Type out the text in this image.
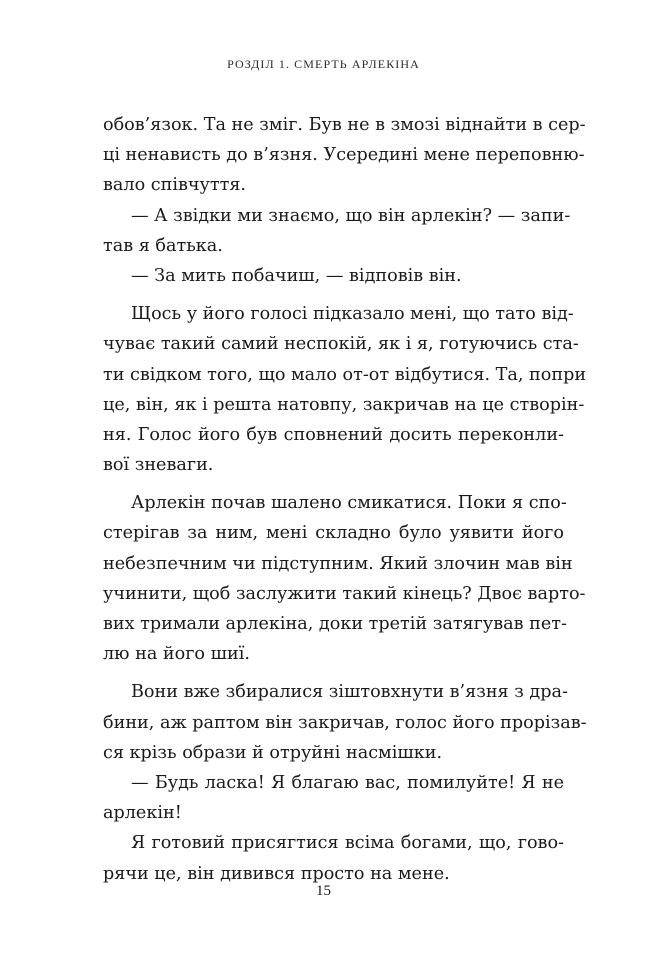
РОЗДІЛ 1. СМЕРТЬ АРЛЕКІНА
обов’язок. Та не зміг. Був не в змозі віднайти в сер-
ці ненависть до в’язня. Усередині мене переповню-
вало співчуття.
— А звідки ми знаємо, що він арлекін? — запи-
тав я батька.
— За мить побачиш, — відповів він.
Щось у його голосі підказало мені, що тато від-
чуває такий самий неспокій, як і я, готуючись ста-
ти свідком того, що мало от-от відбутися. Та, попри
це, він, як і решта натовпу, закричав на це створін-
ня. Голос його був сповнений досить переконли-
вої зневаги.
Арлекін почав шалено смикатися. Поки я спо-
стерігав за ним, мені складно було уявити його
небезпечним чи підступним. Який злочин мав він
учинити, щоб заслужити такий кінець? Двоє варто-
вих тримали арлекіна, доки третій затягував пет-
лю на його шиї.
Вони вже збиралися зіштовхнути в’язня з дра-
бини, аж раптом він закричав, голос його прорізав-
ся крізь образи й отруйні насмішки.
— Будь ласка! Я благаю вас, помилуйте! Я не
арлекін!
Я готовий присягтися всіма богами, що, гово-
рячи це, він дивився просто на мене.
15
